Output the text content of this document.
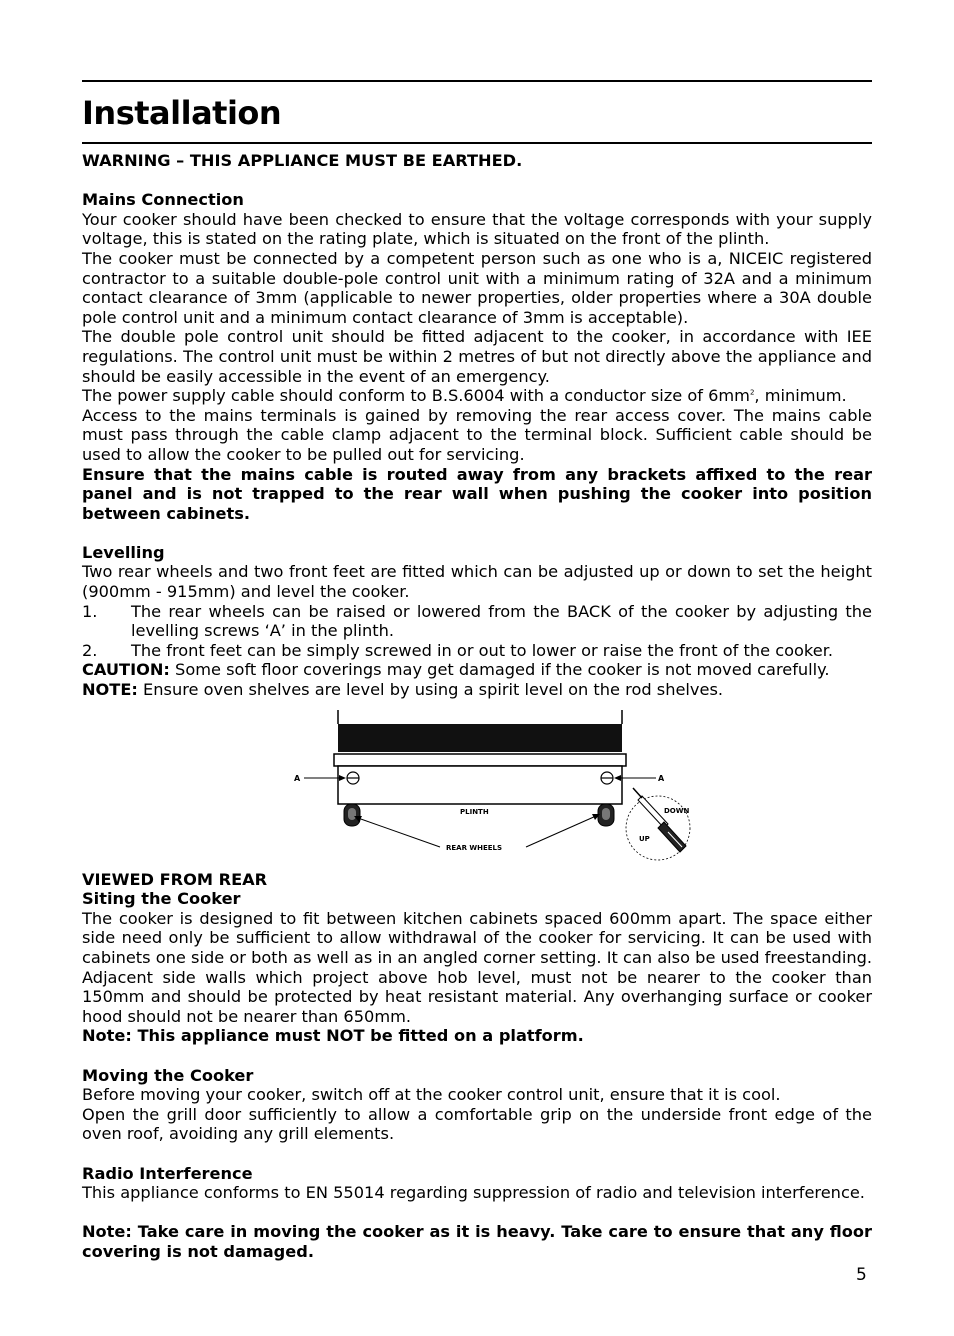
Installation

WARNING – THIS APPLIANCE MUST BE EARTHED.

Mains Connection

Your cooker should have been checked to ensure that the voltage corresponds with your supply voltage, this is stated on the rating plate, which is situated on the front of the plinth.

The cooker must be connected by a competent person such as one who is a, NICEIC registered contractor to a suitable double-pole control unit with a minimum rating of 32A and a minimum contact clearance of 3mm (applicable to newer properties, older properties where a 30A double pole control unit and a minimum contact clearance of 3mm is acceptable).

The double pole control unit should be fitted adjacent to the cooker, in accordance with IEE regulations. The control unit must be within 2 metres of but not directly above the appliance and should be easily accessible in the event of an emergency.

The power supply cable should conform to B.S.6004 with a conductor size of $6mm^2$, minimum.

Access to the mains terminals is gained by removing the rear access cover. The mains cable must pass through the cable clamp adjacent to the terminal block. Sufficient cable should be used to allow the cooker to be pulled out for servicing.

Ensure that the mains cable is routed away from any brackets affixed to the rear panel and is not trapped to the rear wall when pushing the cooker into position between cabinets.

Levelling

Two rear wheels and two front feet are fitted which can be adjusted up or down to set the height (900mm - 915mm) and level the cooker.

1.	The rear wheels can be raised or lowered from the BACK of the cooker by adjusting the levelling screws ‘A’ in the plinth.
2.	The front feet can be simply screwed in or out to lower or raise the front of the cooker.

CAUTION: Some soft floor coverings may get damaged if the cooker is not moved carefully.

NOTE: Ensure oven shelves are level by using a spirit level on the rod shelves.

A	A
PLINTH
REAR WHEELS
DOWN
UP

VIEWED FROM REAR

Siting the Cooker

The cooker is designed to fit between kitchen cabinets spaced 600mm apart. The space either side need only be sufficient to allow withdrawal of the cooker for servicing. It can be used with cabinets one side or both as well as in an angled corner setting. It can also be used freestanding. Adjacent side walls which project above hob level, must not be nearer to the cooker than 150mm and should be protected by heat resistant material. Any overhanging surface or cooker hood should not be nearer than 650mm.

Note: This appliance must NOT be fitted on a platform.

Moving the Cooker

Before moving your cooker, switch off at the cooker control unit, ensure that it is cool.

Open the grill door sufficiently to allow a comfortable grip on the underside front edge of the oven roof, avoiding any grill elements.

Radio Interference

This appliance conforms to EN 55014 regarding suppression of radio and television interference.

Note: Take care in moving the cooker as it is heavy. Take care to ensure that any floor covering is not damaged.

5
